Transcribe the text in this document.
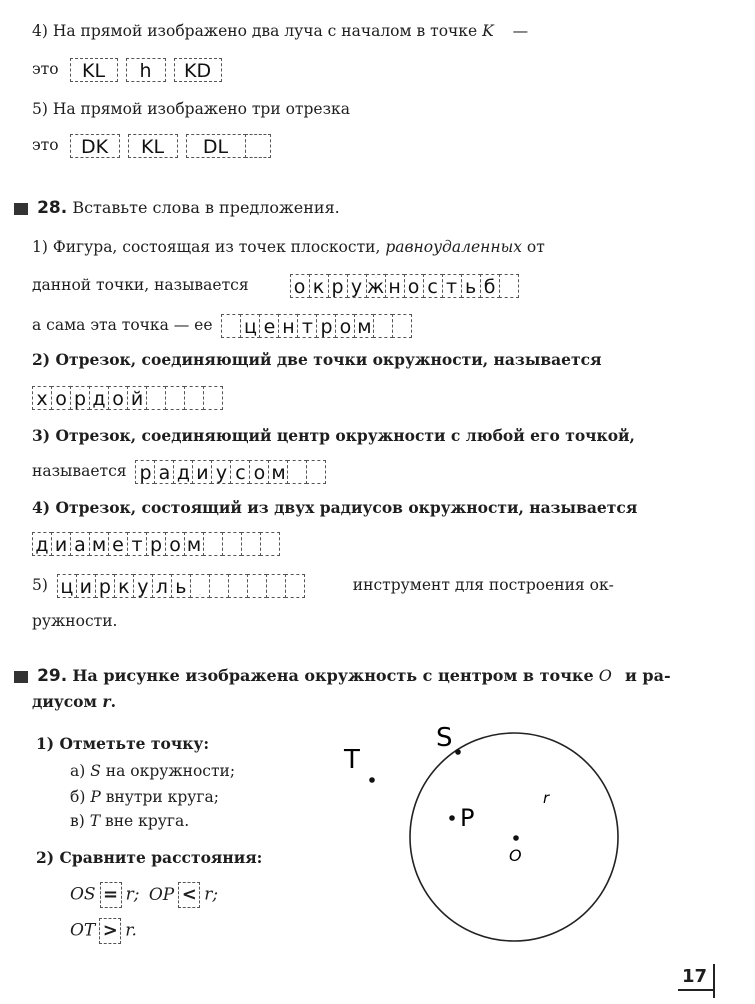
4) На прямой изображено два луча с началом в точке K —
это	KL	h	KD
5) На прямой изображено три отрезка
это	DK	KL	DL
28. Вставьте слова в предложения.
1) Фигура, состоящая из точек плоскости, равноудаленных от
данной точки, называется о к р у ж н о с т ь б
а сама эта точка — ее ц е н т р о м
2) Отрезок, соединяющий две точки окружности, называется
х о р д о й
3) Отрезок, соединяющий центр окружности с любой его точкой,
называется р а д и у с о м
4) Отрезок, состоящий из двух радиусов окружности, называется
д и а м е т р о м
5) ц и р к у л ь	инструмент для построения ок-
ружности.
29. На рисунке изображена окружность с центром в точке O и ра-
диусом r.
1) Отметьте точку:
а) S на окружности;
б) P внутри круга;
в) T вне круга.
2) Сравните расстояния:
OS = r; OP < r;
OT > r.
S
T
P
O
r
17
